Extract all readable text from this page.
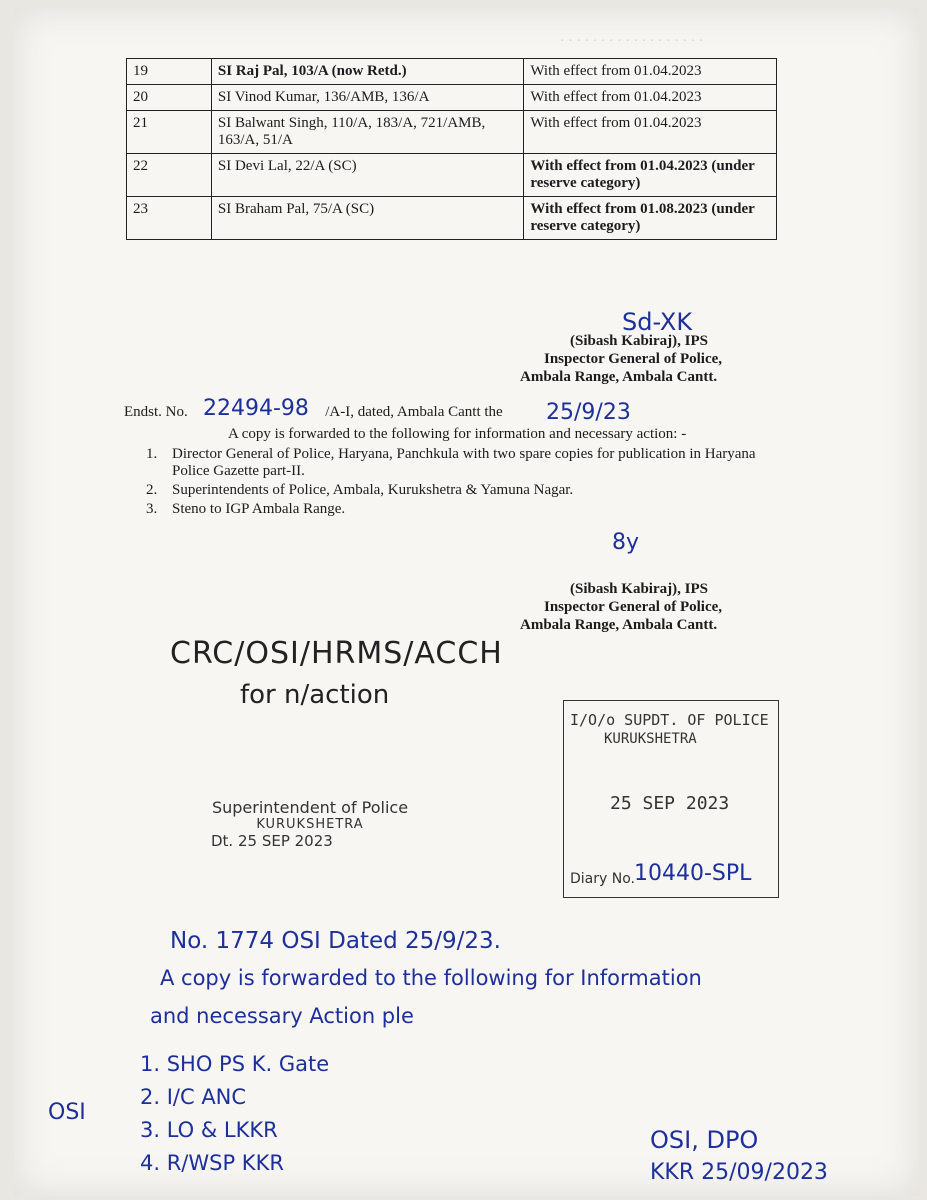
· · · · · · · · · · · · · · · · · ·
19	SI Raj Pal, 103/A (now Retd.)	With effect from 01.04.2023
20	SI Vinod Kumar, 136/AMB, 136/A	With effect from 01.04.2023
21	SI Balwant Singh, 110/A, 183/A, 721/AMB, 163/A, 51/A	With effect from 01.04.2023
22	SI Devi Lal, 22/A (SC)	With effect from 01.04.2023 (under reserve category)
23	SI Braham Pal, 75/A (SC)	With effect from 01.08.2023 (under reserve category)
Sd-XK
(Sibash Kabiraj), IPS
Inspector General of Police,
Ambala Range, Ambala Cantt.
Endst. No.	/A-I, dated, Ambala Cantt the
22494-98	25/9/23
A copy is forwarded to the following for information and necessary action: -
1. Director General of Police, Haryana, Panchkula with two spare copies for publication in Haryana Police Gazette part-II.
2. Superintendents of Police, Ambala, Kurukshetra & Yamuna Nagar.
3. Steno to IGP Ambala Range.
8y
(Sibash Kabiraj), IPS
Inspector General of Police,
Ambala Range, Ambala Cantt.
CRC/OSI/HRMS/ACCH
for n/action
Superintendent of Police
KURUKSHETRA
Dt. 25 SEP 2023
I/O/o SUPDT. OF POLICE
KURUKSHETRA
25 SEP 2023
Diary No. 10440-SPL
No. 1774 OSI Dated 25/9/23.
A copy is forwarded to the following for Information
and necessary Action ple
1. SHO PS K. Gate
2. I/C ANC
3. LO & LKKR
4. R/WSP KKR
OSI
OSI, DPO
KKR 25/09/2023
